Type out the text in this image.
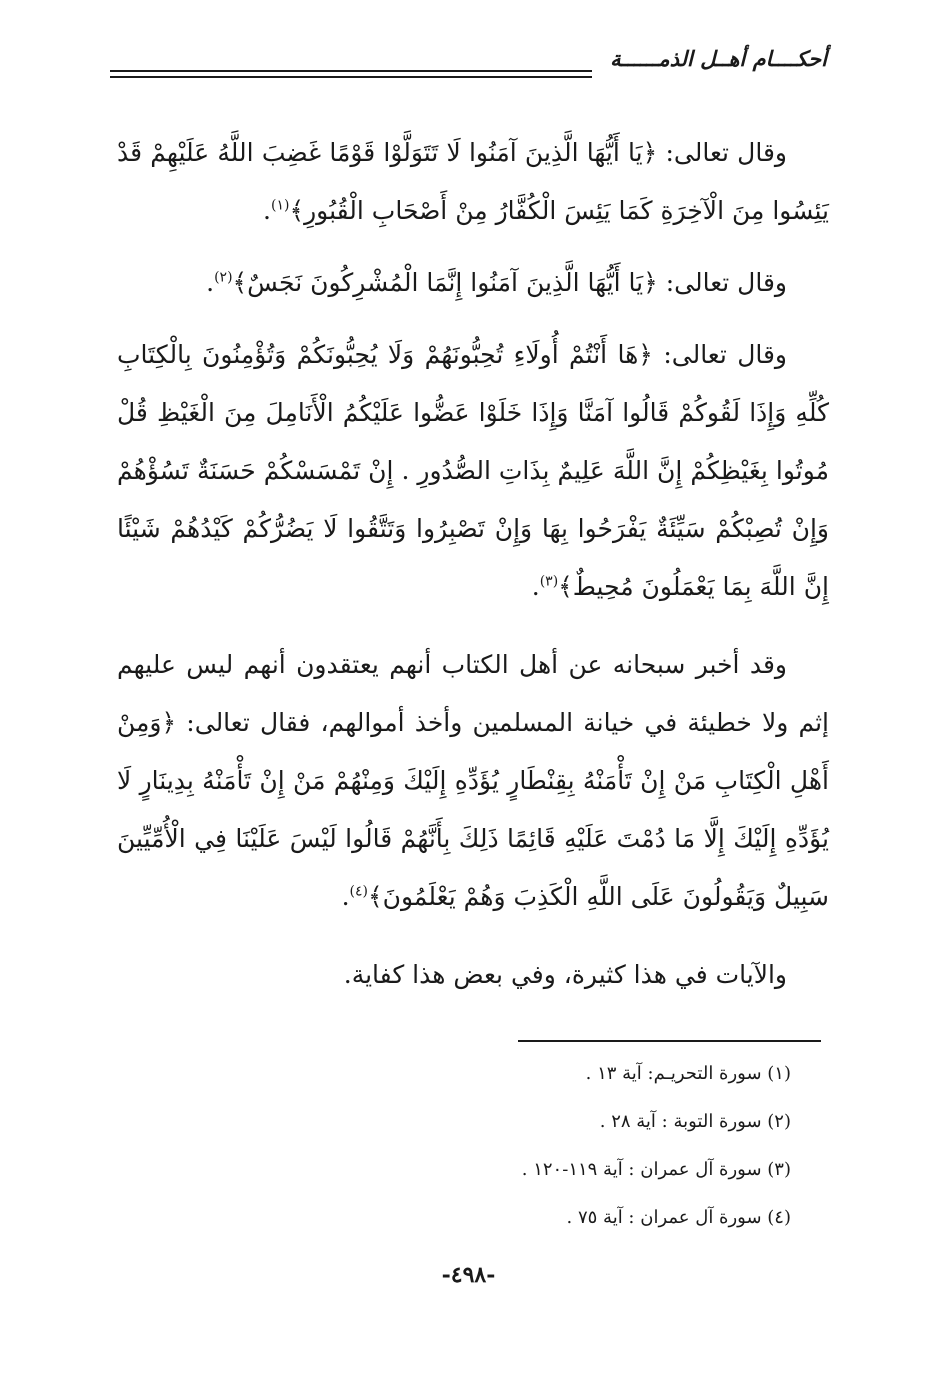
أحكــــام أهــل الذمــــــة

وقال تعالى: ﴿يَا أَيُّهَا الَّذِينَ آمَنُوا لَا تَتَوَلَّوْا قَوْمًا غَضِبَ اللَّهُ عَلَيْهِمْ قَدْ يَئِسُوا مِنَ الْآخِرَةِ كَمَا يَئِسَ الْكُفَّارُ مِنْ أَصْحَابِ الْقُبُورِ﴾$^{(١)}$.

وقال تعالى: ﴿يَا أَيُّهَا الَّذِينَ آمَنُوا إِنَّمَا الْمُشْرِكُونَ نَجَسٌ﴾$^{(٢)}$.

وقال تعالى: ﴿هَا أَنْتُمْ أُولَاءِ تُحِبُّونَهُمْ وَلَا يُحِبُّونَكُمْ وَتُؤْمِنُونَ بِالْكِتَابِ كُلِّهِ وَإِذَا لَقُوكُمْ قَالُوا آمَنَّا وَإِذَا خَلَوْا عَضُّوا عَلَيْكُمُ الْأَنَامِلَ مِنَ الْغَيْظِ قُلْ مُوتُوا بِغَيْظِكُمْ إِنَّ اللَّهَ عَلِيمٌ بِذَاتِ الصُّدُورِ . إِنْ تَمْسَسْكُمْ حَسَنَةٌ تَسُؤْهُمْ وَإِنْ تُصِبْكُمْ سَيِّئَةٌ يَفْرَحُوا بِهَا وَإِنْ تَصْبِرُوا وَتَتَّقُوا لَا يَضُرُّكُمْ كَيْدُهُمْ شَيْئًا إِنَّ اللَّهَ بِمَا يَعْمَلُونَ مُحِيطٌ﴾$^{(٣)}$.

وقد أخبر سبحانه عن أهل الكتاب أنهم يعتقدون أنهم ليس عليهم إثم ولا خطيئة في خيانة المسلمين وأخذ أموالهم، فقال تعالى: ﴿وَمِنْ أَهْلِ الْكِتَابِ مَنْ إِنْ تَأْمَنْهُ بِقِنْطَارٍ يُؤَدِّهِ إِلَيْكَ وَمِنْهُمْ مَنْ إِنْ تَأْمَنْهُ بِدِينَارٍ لَا يُؤَدِّهِ إِلَيْكَ إِلَّا مَا دُمْتَ عَلَيْهِ قَائِمًا ذَلِكَ بِأَنَّهُمْ قَالُوا لَيْسَ عَلَيْنَا فِي الْأُمِّيِّينَ سَبِيلٌ وَيَقُولُونَ عَلَى اللَّهِ الْكَذِبَ وَهُمْ يَعْلَمُونَ﴾$^{(٤)}$.

والآيات في هذا كثيرة، وفي بعض هذا كفاية.

(١) سورة التحريـم: آية ١٣ .
(٢) سورة التوبة : آية ٢٨ .
(٣) سورة آل عمران : آية ١١٩-١٢٠ .
(٤) سورة آل عمران : آية ٧٥ .
-٤٩٨-
